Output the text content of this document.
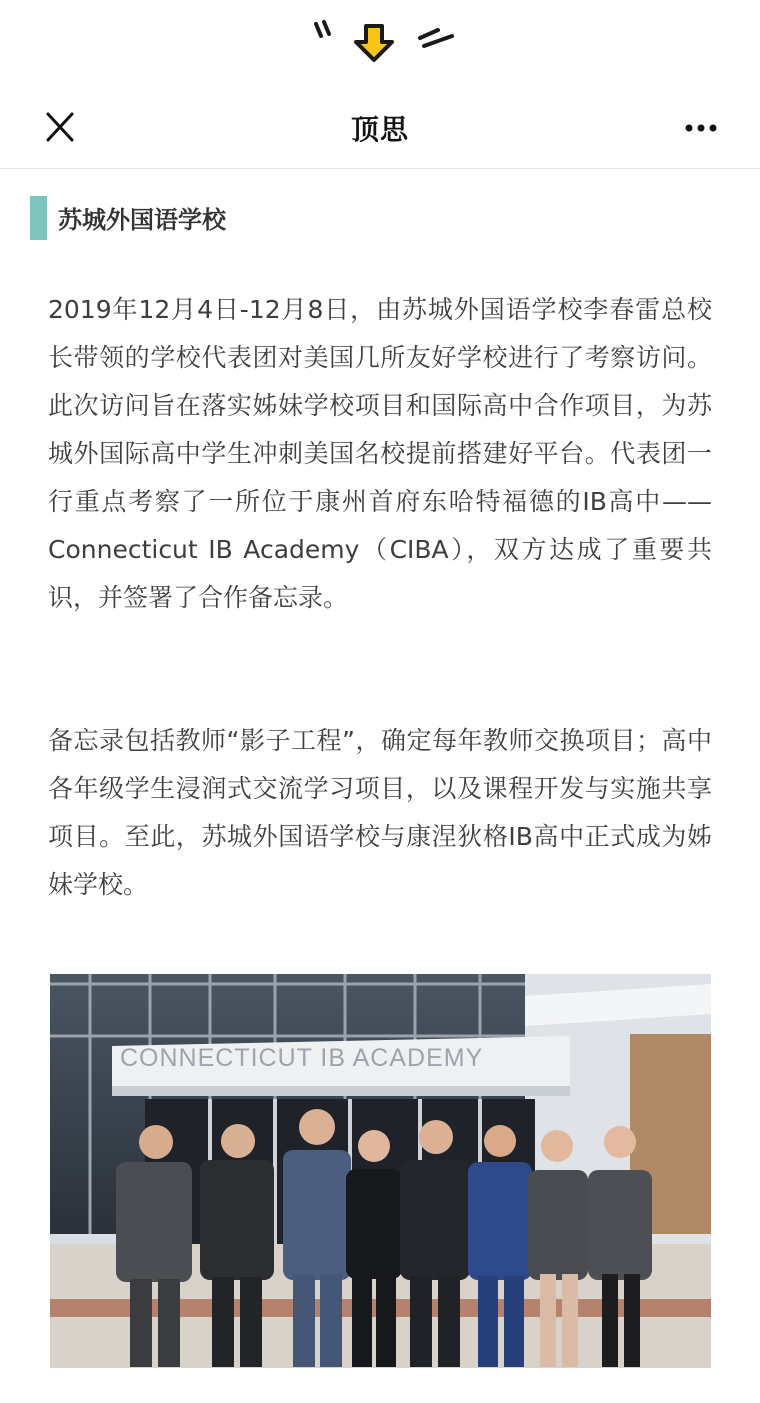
顶思
苏城外国语学校

2019年12月4日-12月8日，由苏城外国语学校李春雷总校长带领的学校代表团对美国几所友好学校进行了考察访问。此次访问旨在落实姊妹学校项目和国际高中合作项目，为苏城外国际高中学生冲刺美国名校提前搭建好平台。代表团一行重点考察了一所位于康州首府东哈特福德的IB高中——Connecticut IB Academy（CIBA），双方达成了重要共识，并签署了合作备忘录。

备忘录包括教师“影子工程”，确定每年教师交换项目；高中各年级学生浸润式交流学习项目，以及课程开发与实施共享项目。至此，苏城外国语学校与康涅狄格IB高中正式成为姊妹学校。

CONNECTICUT IB ACADEMY
